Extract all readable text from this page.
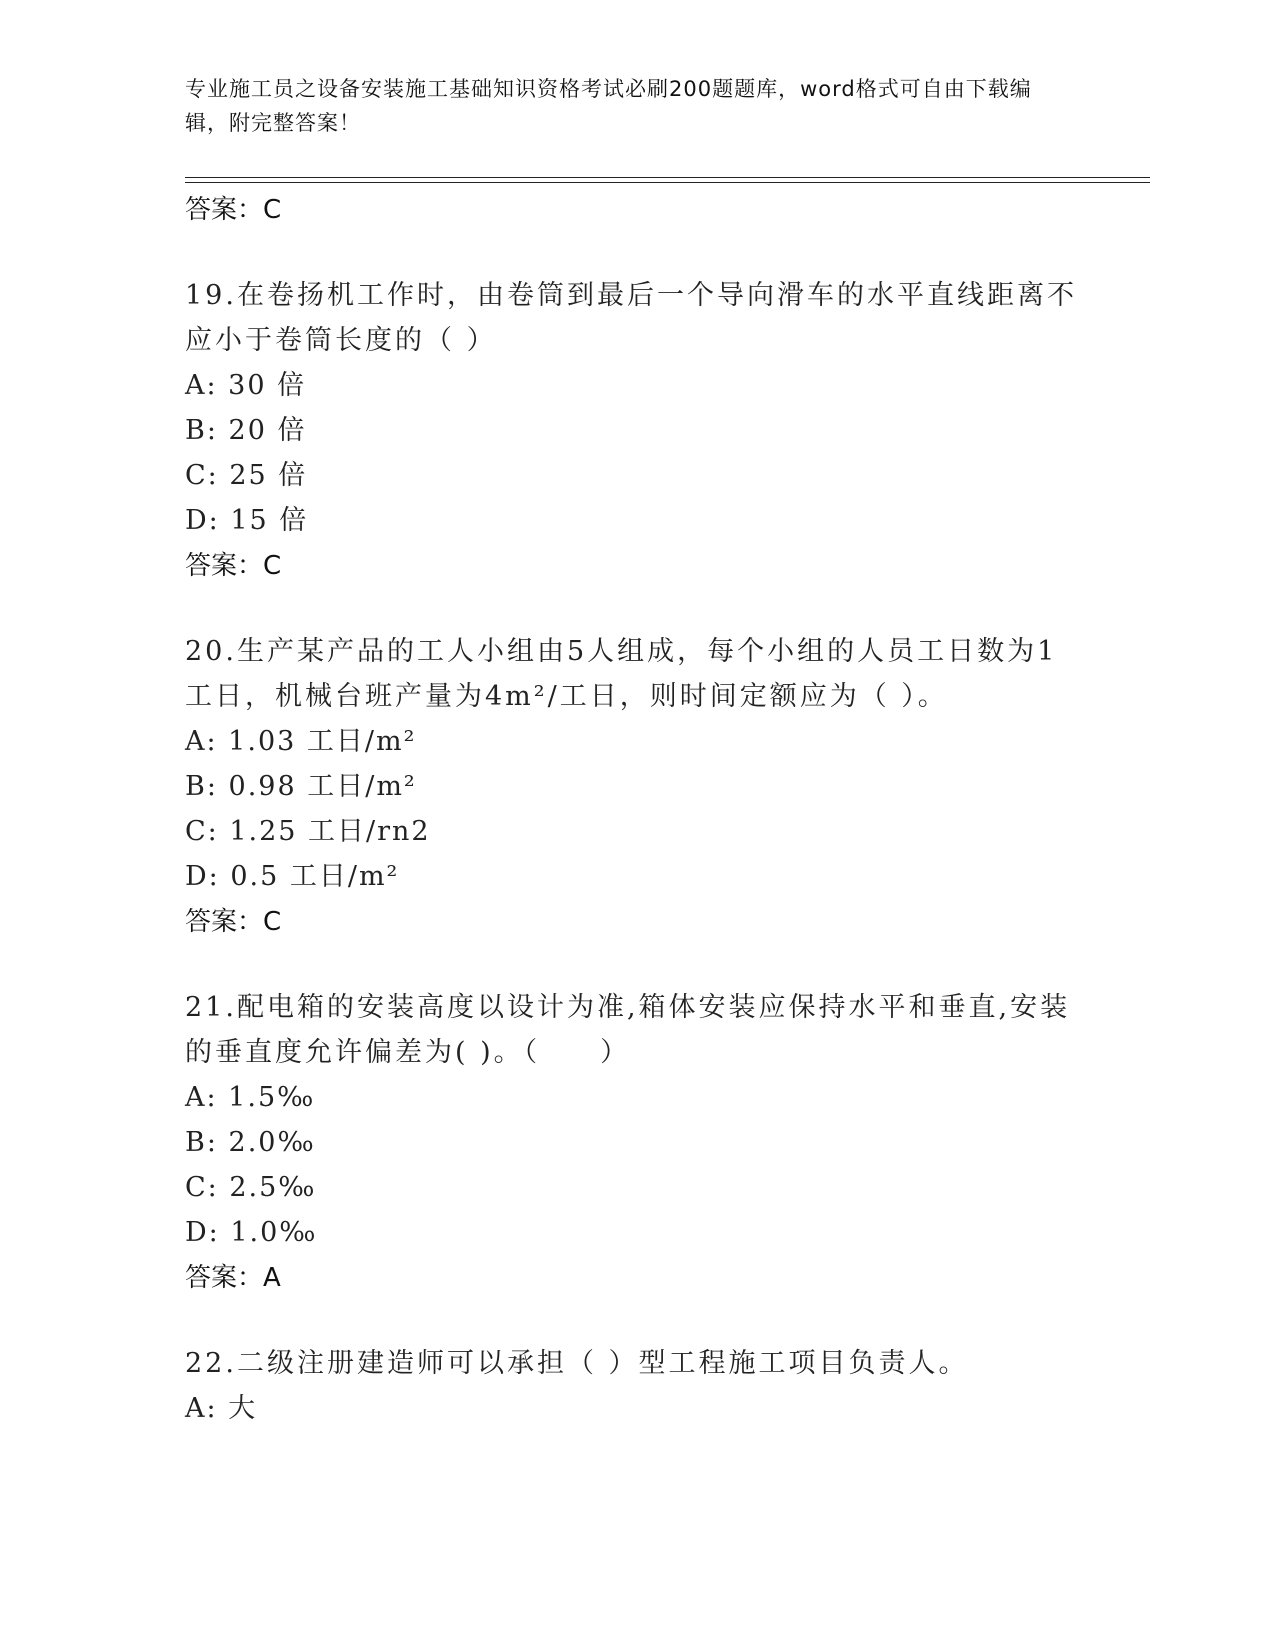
专业施工员之设备安装施工基础知识资格考试必刷200题题库，word格式可自由下载编辑，附完整答案！
答案：C
19.在卷扬机工作时，由卷筒到最后一个导向滑车的水平直线距离不应小于卷筒长度的（ ）
A: 30 倍
B: 20 倍
C: 25 倍
D: 15 倍
答案：C
20.生产某产品的工人小组由5人组成，每个小组的人员工日数为1工日，机械台班产量为4m²/工日，则时间定额应为（ ）。
A: 1.03 工日/m²
B: 0.98 工日/m²
C: 1.25 工日/rn2
D: 0.5 工日/m²
答案：C
21.配电箱的安装高度以设计为准,箱体安装应保持水平和垂直,安装的垂直度允许偏差为( )。（　　）
A: 1.5‰
B: 2.0‰
C: 2.5‰
D: 1.0‰
答案：A
22.二级注册建造师可以承担（ ）型工程施工项目负责人。
A: 大
